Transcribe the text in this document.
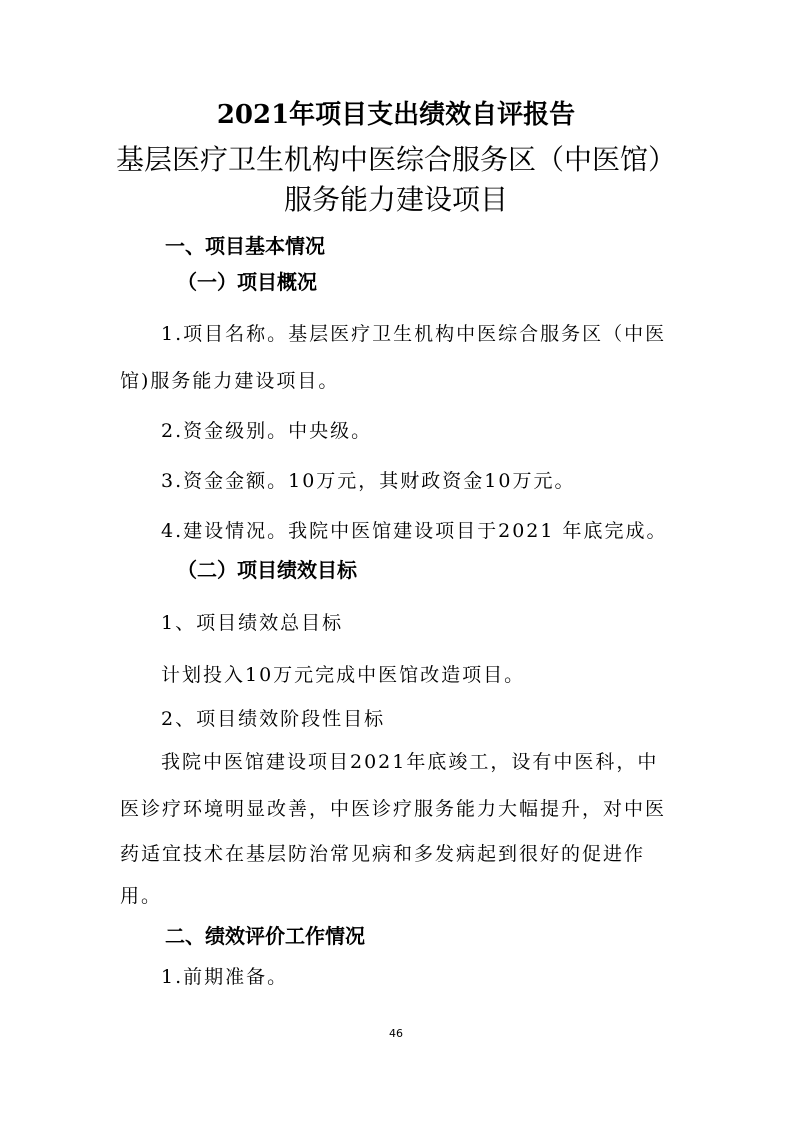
2021年项目支出绩效自评报告
基层医疗卫生机构中医综合服务区（中医馆）
服务能力建设项目
一、项目基本情况
（一）项目概况
1.项目名称。基层医疗卫生机构中医综合服务区（中医
馆)服务能力建设项目。
2.资金级别。中央级。
3.资金金额。10万元，其财政资金10万元。
4.建设情况。我院中医馆建设项目于2021 年底完成。
（二）项目绩效目标
1、项目绩效总目标
计划投入10万元完成中医馆改造项目。
2、项目绩效阶段性目标
我院中医馆建设项目2021年底竣工，设有中医科，中
医诊疗环境明显改善，中医诊疗服务能力大幅提升，对中医
药适宜技术在基层防治常见病和多发病起到很好的促进作
用。
二、绩效评价工作情况
1.前期准备。
46
